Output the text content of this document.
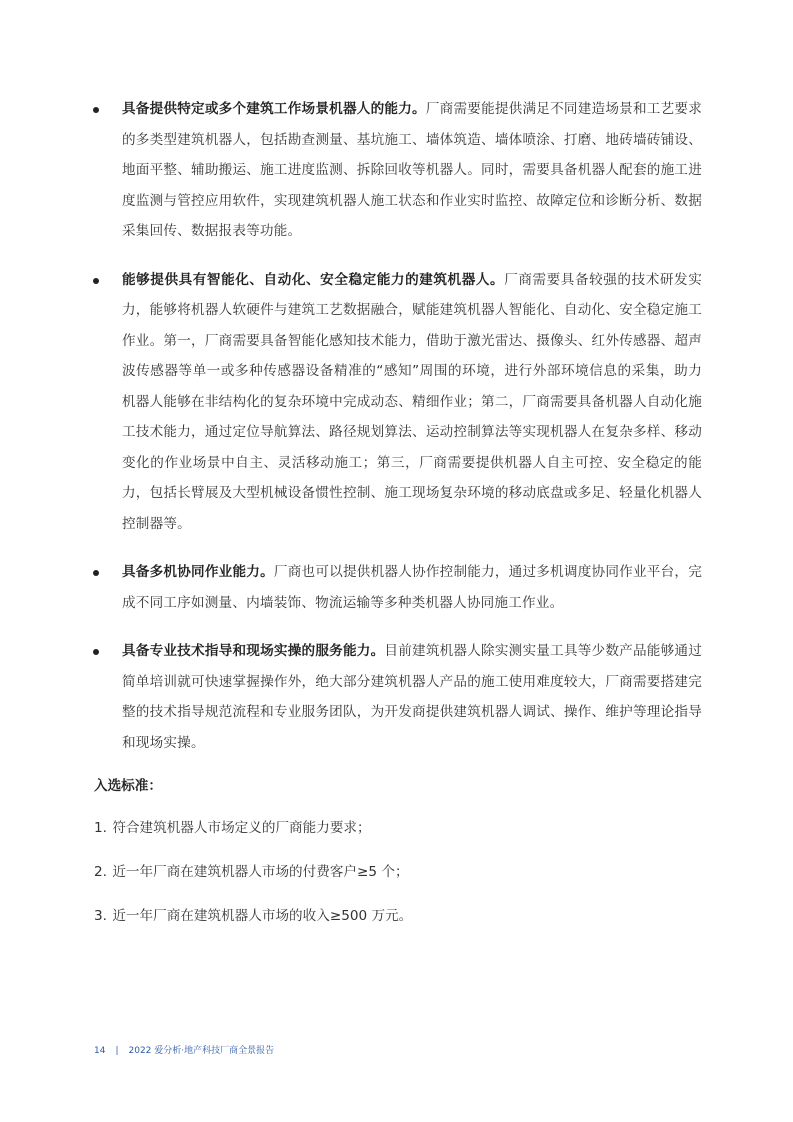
具备提供特定或多个建筑工作场景机器人的能力。厂商需要能提供满足不同建造场景和工艺要求的多类型建筑机器人，包括勘查测量、基坑施工、墙体筑造、墙体喷涂、打磨、地砖墙砖铺设、地面平整、辅助搬运、施工进度监测、拆除回收等机器人。同时，需要具备机器人配套的施工进度监测与管控应用软件，实现建筑机器人施工状态和作业实时监控、故障定位和诊断分析、数据采集回传、数据报表等功能。
能够提供具有智能化、自动化、安全稳定能力的建筑机器人。厂商需要具备较强的技术研发实力，能够将机器人软硬件与建筑工艺数据融合，赋能建筑机器人智能化、自动化、安全稳定施工作业。第一，厂商需要具备智能化感知技术能力，借助于激光雷达、摄像头、红外传感器、超声波传感器等单一或多种传感器设备精准的“感知”周围的环境，进行外部环境信息的采集，助力机器人能够在非结构化的复杂环境中完成动态、精细作业；第二，厂商需要具备机器人自动化施工技术能力，通过定位导航算法、路径规划算法、运动控制算法等实现机器人在复杂多样、移动变化的作业场景中自主、灵活移动施工；第三，厂商需要提供机器人自主可控、安全稳定的能力，包括长臂展及大型机械设备惯性控制、施工现场复杂环境的移动底盘或多足、轻量化机器人控制器等。
具备多机协同作业能力。厂商也可以提供机器人协作控制能力，通过多机调度协同作业平台，完成不同工序如测量、内墙装饰、物流运输等多种类机器人协同施工作业。
具备专业技术指导和现场实操的服务能力。目前建筑机器人除实测实量工具等少数产品能够通过简单培训就可快速掌握操作外，绝大部分建筑机器人产品的施工使用难度较大，厂商需要搭建完整的技术指导规范流程和专业服务团队，为开发商提供建筑机器人调试、操作、维护等理论指导和现场实操。
入选标准：
1. 符合建筑机器人市场定义的厂商能力要求；
2. 近一年厂商在建筑机器人市场的付费客户≥5 个；
3. 近一年厂商在建筑机器人市场的收入≥500 万元。
14 | 2022 爱分析·地产科技厂商全景报告
